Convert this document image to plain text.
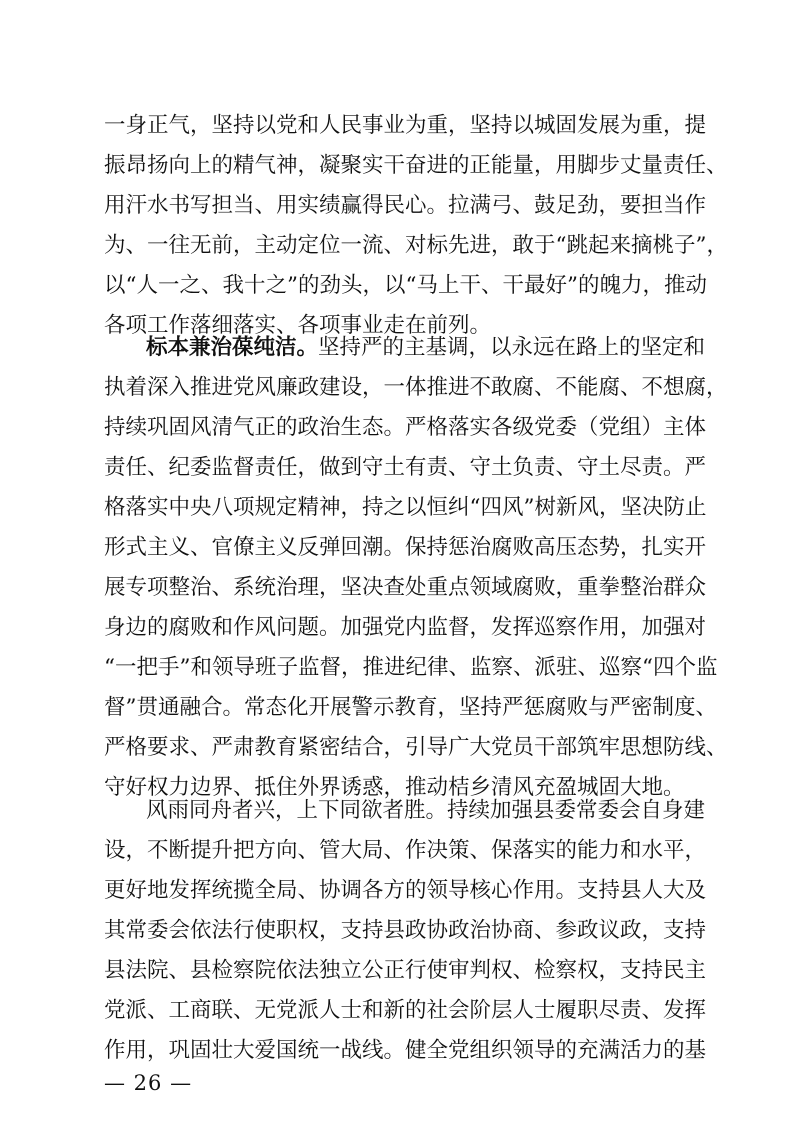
一身正气，坚持以党和人民事业为重，坚持以城固发展为重，提
振昂扬向上的精气神，凝聚实干奋进的正能量，用脚步丈量责任、
用汗水书写担当、用实绩赢得民心。拉满弓、鼓足劲，要担当作
为、一往无前，主动定位一流、对标先进，敢于“跳起来摘桃子”，
以“人一之、我十之”的劲头，以“马上干、干最好”的魄力，推动
各项工作落细落实、各项事业走在前列。
标本兼治葆纯洁。坚持严的主基调，以永远在路上的坚定和
执着深入推进党风廉政建设，一体推进不敢腐、不能腐、不想腐，
持续巩固风清气正的政治生态。严格落实各级党委（党组）主体
责任、纪委监督责任，做到守土有责、守土负责、守土尽责。严
格落实中央八项规定精神，持之以恒纠“四风”树新风，坚决防止
形式主义、官僚主义反弹回潮。保持惩治腐败高压态势，扎实开
展专项整治、系统治理，坚决查处重点领域腐败，重拳整治群众
身边的腐败和作风问题。加强党内监督，发挥巡察作用，加强对
“一把手”和领导班子监督，推进纪律、监察、派驻、巡察“四个监
督”贯通融合。常态化开展警示教育，坚持严惩腐败与严密制度、
严格要求、严肃教育紧密结合，引导广大党员干部筑牢思想防线、
守好权力边界、抵住外界诱惑，推动桔乡清风充盈城固大地。
风雨同舟者兴，上下同欲者胜。持续加强县委常委会自身建
设，不断提升把方向、管大局、作决策、保落实的能力和水平，
更好地发挥统揽全局、协调各方的领导核心作用。支持县人大及
其常委会依法行使职权，支持县政协政治协商、参政议政，支持
县法院、县检察院依法独立公正行使审判权、检察权，支持民主
党派、工商联、无党派人士和新的社会阶层人士履职尽责、发挥
作用，巩固壮大爱国统一战线。健全党组织领导的充满活力的基
— 26 —
